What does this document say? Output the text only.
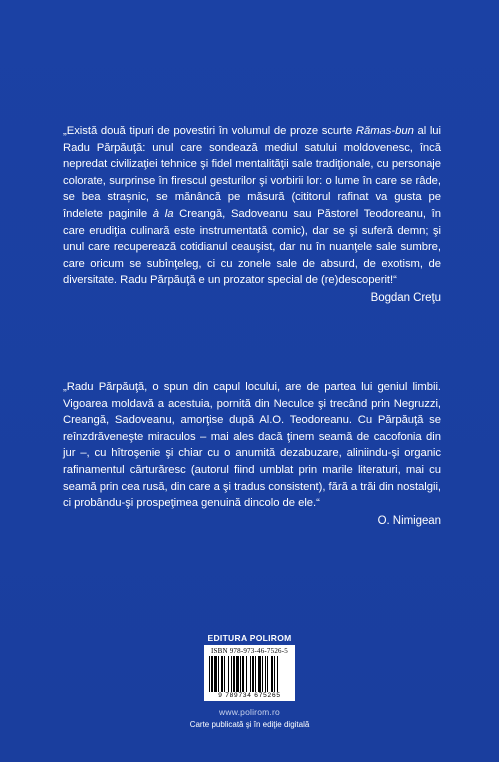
„Există două tipuri de povestiri în volumul de proze scurte Rămas-bun al lui Radu Părpăuţă: unul care sondează mediul satului moldovenesc, încă nepredat civilizaţiei tehnice şi fidel mentalităţii sale tradiţionale, cu personaje colorate, surprinse în firescul gesturilor şi vorbirii lor: o lume în care se râde, se bea strașnic, se mănâncă pe măsură (cititorul rafinat va gusta pe îndelete paginile à la Creangă, Sadoveanu sau Păstorel Teodoreanu, în care erudiţia culinară este instrumentată comic), dar se şi suferă demn; şi unul care recuperează cotidianul ceauşist, dar nu în nuanţele sale sumbre, care oricum se subînţeleg, ci cu zonele sale de absurd, de exotism, de diversitate. Radu Părpăuţă e un prozator special de (re)descoperit!“

Bogdan Creţu

„Radu Părpăuţă, o spun din capul locului, are de partea lui geniul limbii. Vigoarea moldavă a acestuia, pornită din Neculce şi trecând prin Negruzzi, Creangă, Sadoveanu, amorţise după Al.O. Teodoreanu. Cu Părpăuţă se reînzdrăveneşte miraculos – mai ales dacă ţinem seamă de cacofonia din jur –, cu hîtroşenie şi chiar cu o anumită dezabuzare, aliniindu-şi organic rafinamentul cărturăresc (autorul fiind umblat prin marile literaturi, mai cu seamă prin cea rusă, din care a şi tradus consistent), fără a trăi din nostalgii, ci probându-şi prospeţimea genuină dincolo de ele.“

O. Nimigean
EDITURA POLIROM
ISBN 978-973-46-7526-5
9 789734 675265
www.polirom.ro
Carte publicată şi în ediţie digitală
